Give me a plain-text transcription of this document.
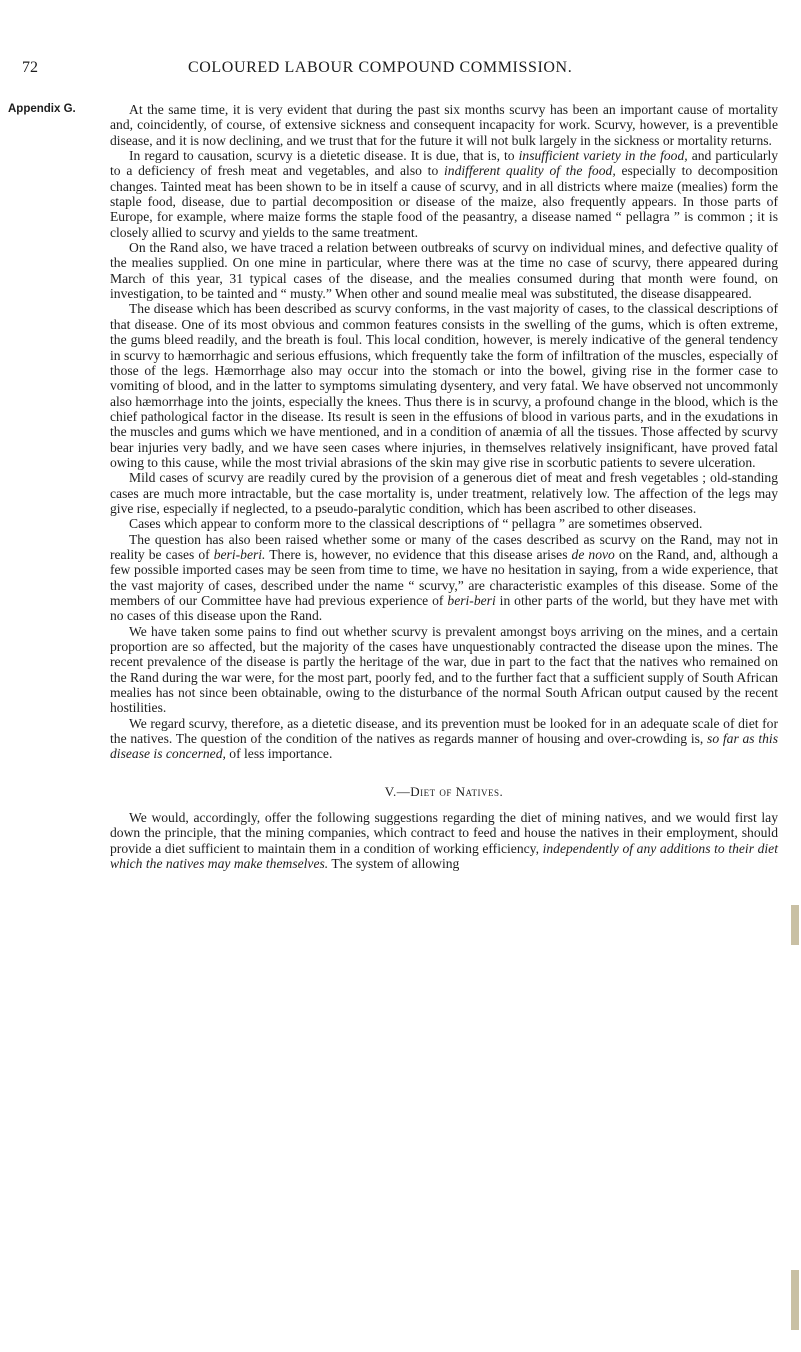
72	COLOURED LABOUR COMPOUND COMMISSION.
Appendix G.	At the same time, it is very evident that during the past six months scurvy has been an important cause of mortality and, coincidently, of course, of extensive sickness and consequent incapacity for work. Scurvy, however, is a preventible disease, and it is now declining, and we trust that for the future it will not bulk largely in the sickness or mortality returns.

In regard to causation, scurvy is a dietetic disease. It is due, that is, to insufficient variety in the food, and particularly to a deficiency of fresh meat and vegetables, and also to indifferent quality of the food, especially to decomposition changes. Tainted meat has been shown to be in itself a cause of scurvy, and in all districts where maize (mealies) form the staple food, disease, due to partial decomposition or disease of the maize, also frequently appears. In those parts of Europe, for example, where maize forms the staple food of the peasantry, a disease named “ pellagra ” is common ; it is closely allied to scurvy and yields to the same treatment.

On the Rand also, we have traced a relation between outbreaks of scurvy on individual mines, and defective quality of the mealies supplied. On one mine in particular, where there was at the time no case of scurvy, there appeared during March of this year, 31 typical cases of the disease, and the mealies consumed during that month were found, on investigation, to be tainted and “ musty.” When other and sound mealie meal was substituted, the disease disappeared.

The disease which has been described as scurvy conforms, in the vast majority of cases, to the classical descriptions of that disease. One of its most obvious and common features consists in the swelling of the gums, which is often extreme, the gums bleed readily, and the breath is foul. This local condition, however, is merely indicative of the general tendency in scurvy to hæmorrhagic and serious effusions, which frequently take the form of infiltration of the muscles, especially of those of the legs. Hæmorrhage also may occur into the stomach or into the bowel, giving rise in the former case to vomiting of blood, and in the latter to symptoms simulating dysentery, and very fatal. We have observed not uncommonly also hæmorrhage into the joints, especially the knees. Thus there is in scurvy, a profound change in the blood, which is the chief pathological factor in the disease. Its result is seen in the effusions of blood in various parts, and in the exudations in the muscles and gums which we have mentioned, and in a condition of anæmia of all the tissues. Those affected by scurvy bear injuries very badly, and we have seen cases where injuries, in themselves relatively insignificant, have proved fatal owing to this cause, while the most trivial abrasions of the skin may give rise in scorbutic patients to severe ulceration.

Mild cases of scurvy are readily cured by the provision of a generous diet of meat and fresh vegetables ; old-standing cases are much more intractable, but the case mortality is, under treatment, relatively low. The affection of the legs may give rise, especially if neglected, to a pseudo-paralytic condition, which has been ascribed to other diseases.

Cases which appear to conform more to the classical descriptions of “ pellagra ” are sometimes observed.

The question has also been raised whether some or many of the cases described as scurvy on the Rand, may not in reality be cases of beri-beri. There is, however, no evidence that this disease arises de novo on the Rand, and, although a few possible imported cases may be seen from time to time, we have no hesitation in saying, from a wide experience, that the vast majority of cases, described under the name “ scurvy,” are characteristic examples of this disease. Some of the members of our Committee have had previous experience of beri-beri in other parts of the world, but they have met with no cases of this disease upon the Rand.

We have taken some pains to find out whether scurvy is prevalent amongst boys arriving on the mines, and a certain proportion are so affected, but the majority of the cases have unquestionably contracted the disease upon the mines. The recent prevalence of the disease is partly the heritage of the war, due in part to the fact that the natives who remained on the Rand during the war were, for the most part, poorly fed, and to the further fact that a sufficient supply of South African mealies has not since been obtainable, owing to the disturbance of the normal South African output caused by the recent hostilities.

We regard scurvy, therefore, as a dietetic disease, and its prevention must be looked for in an adequate scale of diet for the natives. The question of the condition of the natives as regards manner of housing and over-crowding is, so far as this disease is concerned, of less importance.

V.—Diet of Natives.

We would, accordingly, offer the following suggestions regarding the diet of mining natives, and we would first lay down the principle, that the mining companies, which contract to feed and house the natives in their employment, should provide a diet sufficient to maintain them in a condition of working efficiency, independently of any additions to their diet which the natives may make themselves. The system of allowing
